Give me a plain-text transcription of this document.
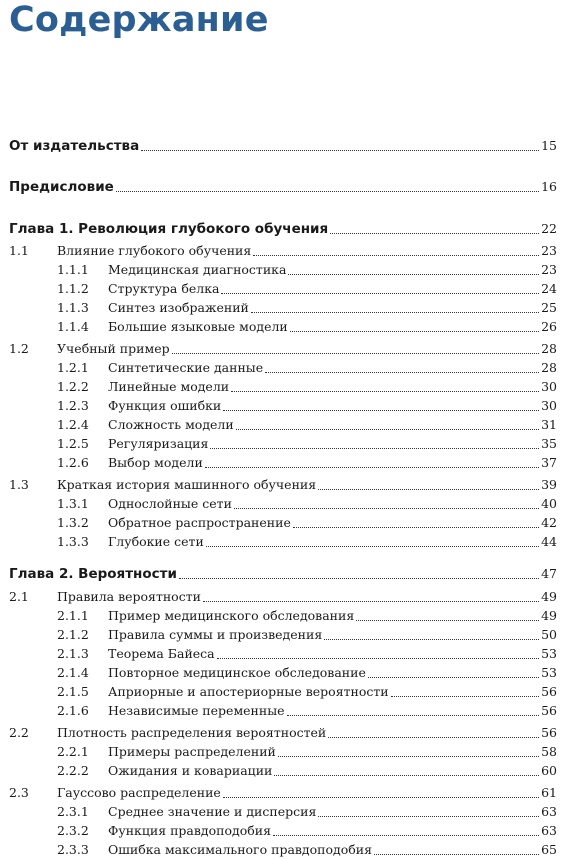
Содержание
От издательства	15
Предисловие	16
Глава 1. Революция глубокого обучения	22
1.1 Влияние глубокого обучения	23
1.1.1 Медицинская диагностика	23
1.1.2 Структура белка	24
1.1.3 Синтез изображений	25
1.1.4 Большие языковые модели	26
1.2 Учебный пример	28
1.2.1 Синтетические данные	28
1.2.2 Линейные модели	30
1.2.3 Функция ошибки	30
1.2.4 Сложность модели	31
1.2.5 Регуляризация	35
1.2.6 Выбор модели	37
1.3 Краткая история машинного обучения	39
1.3.1 Однослойные сети	40
1.3.2 Обратное распространение	42
1.3.3 Глубокие сети	44
Глава 2. Вероятности	47
2.1 Правила вероятности	49
2.1.1 Пример медицинского обследования	49
2.1.2 Правила суммы и произведения	50
2.1.3 Теорема Байеса	53
2.1.4 Повторное медицинское обследование	53
2.1.5 Априорные и апостериорные вероятности	56
2.1.6 Независимые переменные	56
2.2 Плотность распределения вероятностей	56
2.2.1 Примеры распределений	58
2.2.2 Ожидания и ковариации	60
2.3 Гауссово распределение	61
2.3.1 Среднее значение и дисперсия	63
2.3.2 Функция правдоподобия	63
2.3.3 Ошибка максимального правдоподобия	65
